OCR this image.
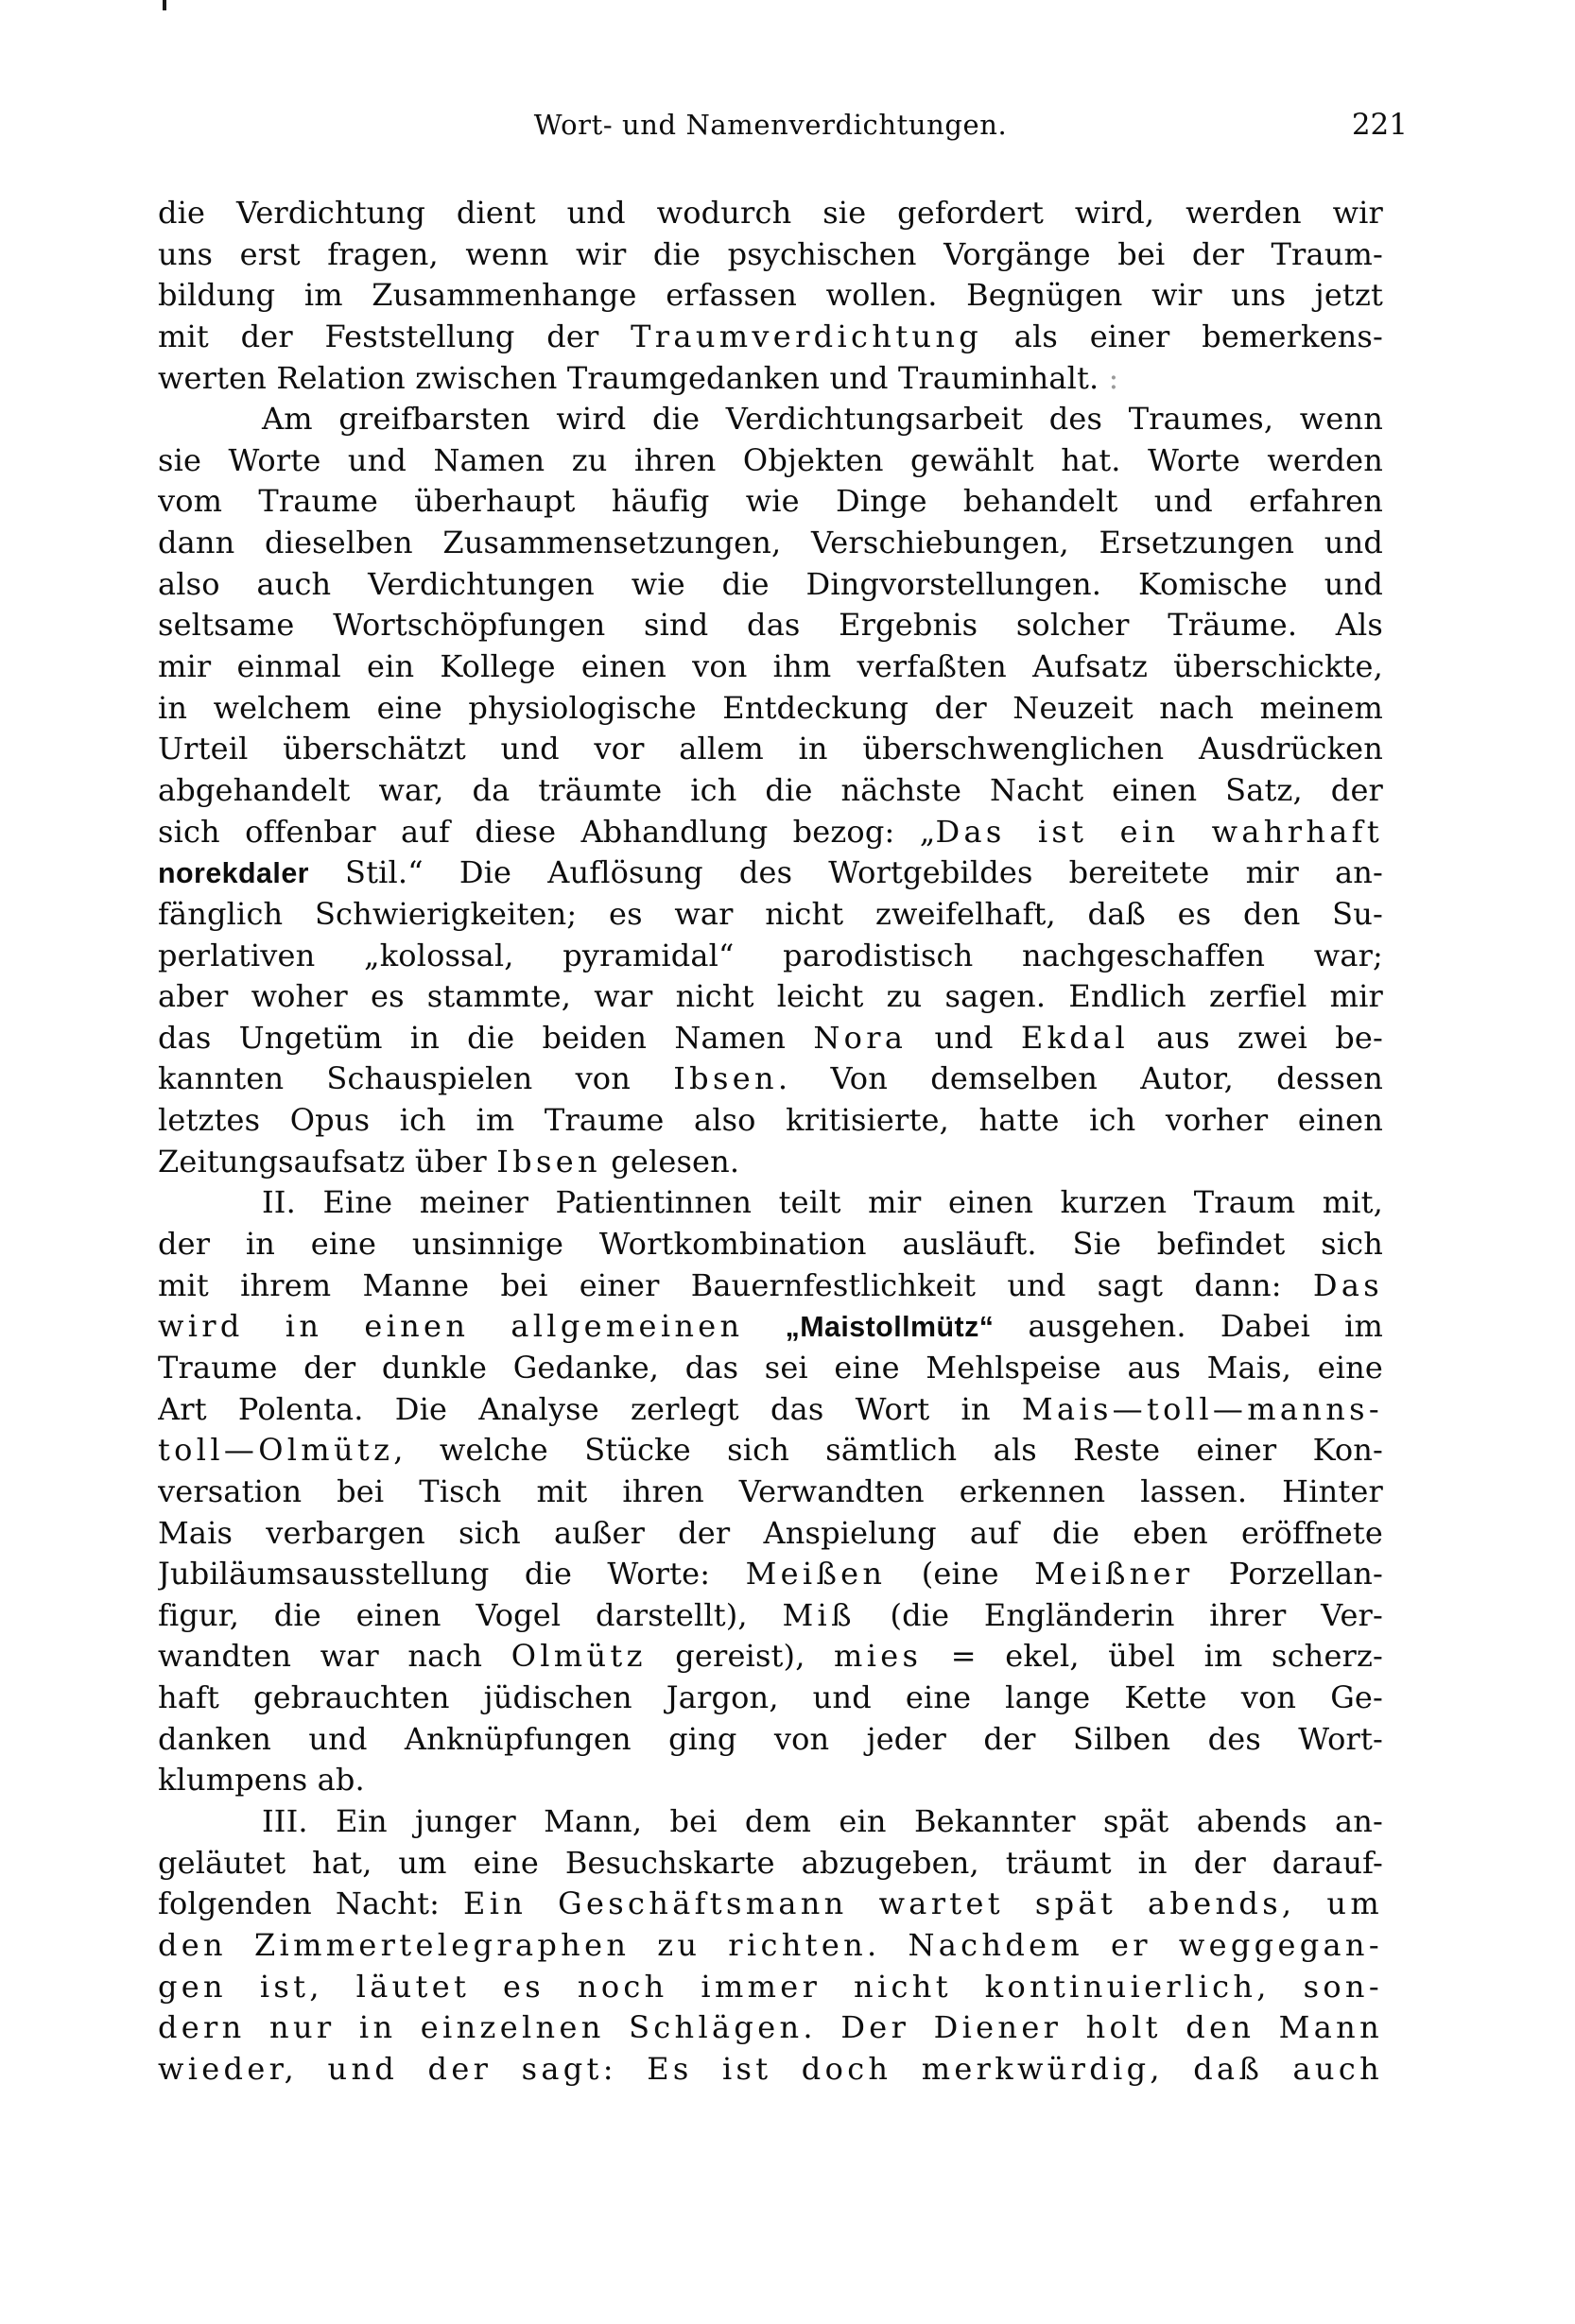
Wort- und Namenverdichtungen.	221
die Verdichtung dient und wodurch sie gefordert wird, werden wir
uns erst fragen, wenn wir die psychischen Vorgänge bei der Traum-
bildung im Zusammenhange erfassen wollen. Begnügen wir uns jetzt
mit der Feststellung der Traumverdichtung als einer bemerkens-
werten Relation zwischen Traumgedanken und Trauminhalt. :
Am greifbarsten wird die Verdichtungsarbeit des Traumes, wenn
sie Worte und Namen zu ihren Objekten gewählt hat. Worte werden
vom Traume überhaupt häufig wie Dinge behandelt und erfahren
dann dieselben Zusammensetzungen, Verschiebungen, Ersetzungen und
also auch Verdichtungen wie die Dingvorstellungen. Komische und
seltsame Wortschöpfungen sind das Ergebnis solcher Träume. Als
mir einmal ein Kollege einen von ihm verfaßten Aufsatz überschickte,
in welchem eine physiologische Entdeckung der Neuzeit nach meinem
Urteil überschätzt und vor allem in überschwenglichen Ausdrücken
abgehandelt war, da träumte ich die nächste Nacht einen Satz, der
sich offenbar auf diese Abhandlung bezog: „Das ist ein wahrhaft
norekdaler Stil.“ Die Auflösung des Wortgebildes bereitete mir an-
fänglich Schwierigkeiten; es war nicht zweifelhaft, daß es den Su-
perlativen „kolossal, pyramidal“ parodistisch nachgeschaffen war;
aber woher es stammte, war nicht leicht zu sagen. Endlich zerfiel mir
das Ungetüm in die beiden Namen Nora und Ekdal aus zwei be-
kannten Schauspielen von Ibsen. Von demselben Autor, dessen
letztes Opus ich im Traume also kritisierte, hatte ich vorher einen
Zeitungsaufsatz über Ibsen gelesen.
II. Eine meiner Patientinnen teilt mir einen kurzen Traum mit,
der in eine unsinnige Wortkombination ausläuft. Sie befindet sich
mit ihrem Manne bei einer Bauernfestlichkeit und sagt dann: Das
wird in einen allgemeinen „Maistollmütz“ ausgehen. Dabei im
Traume der dunkle Gedanke, das sei eine Mehlspeise aus Mais, eine
Art Polenta. Die Analyse zerlegt das Wort in Mais—toll—manns-
toll—Olmütz, welche Stücke sich sämtlich als Reste einer Kon-
versation bei Tisch mit ihren Verwandten erkennen lassen. Hinter
Mais verbargen sich außer der Anspielung auf die eben eröffnete
Jubiläumsausstellung die Worte: Meißen (eine Meißner Porzellan-
figur, die einen Vogel darstellt), Miß (die Engländerin ihrer Ver-
wandten war nach Olmütz gereist), mies = ekel, übel im scherz-
haft gebrauchten jüdischen Jargon, und eine lange Kette von Ge-
danken und Anknüpfungen ging von jeder der Silben des Wort-
klumpens ab.
III. Ein junger Mann, bei dem ein Bekannter spät abends an-
geläutet hat, um eine Besuchskarte abzugeben, träumt in der darauf-
folgenden Nacht: Ein Geschäftsmann wartet spät abends, um
den Zimmertelegraphen zu richten. Nachdem er weggegan-
gen ist, läutet es noch immer nicht kontinuierlich, son-
dern nur in einzelnen Schlägen. Der Diener holt den Mann
wieder, und der sagt: Es ist doch merkwürdig, daß auch
